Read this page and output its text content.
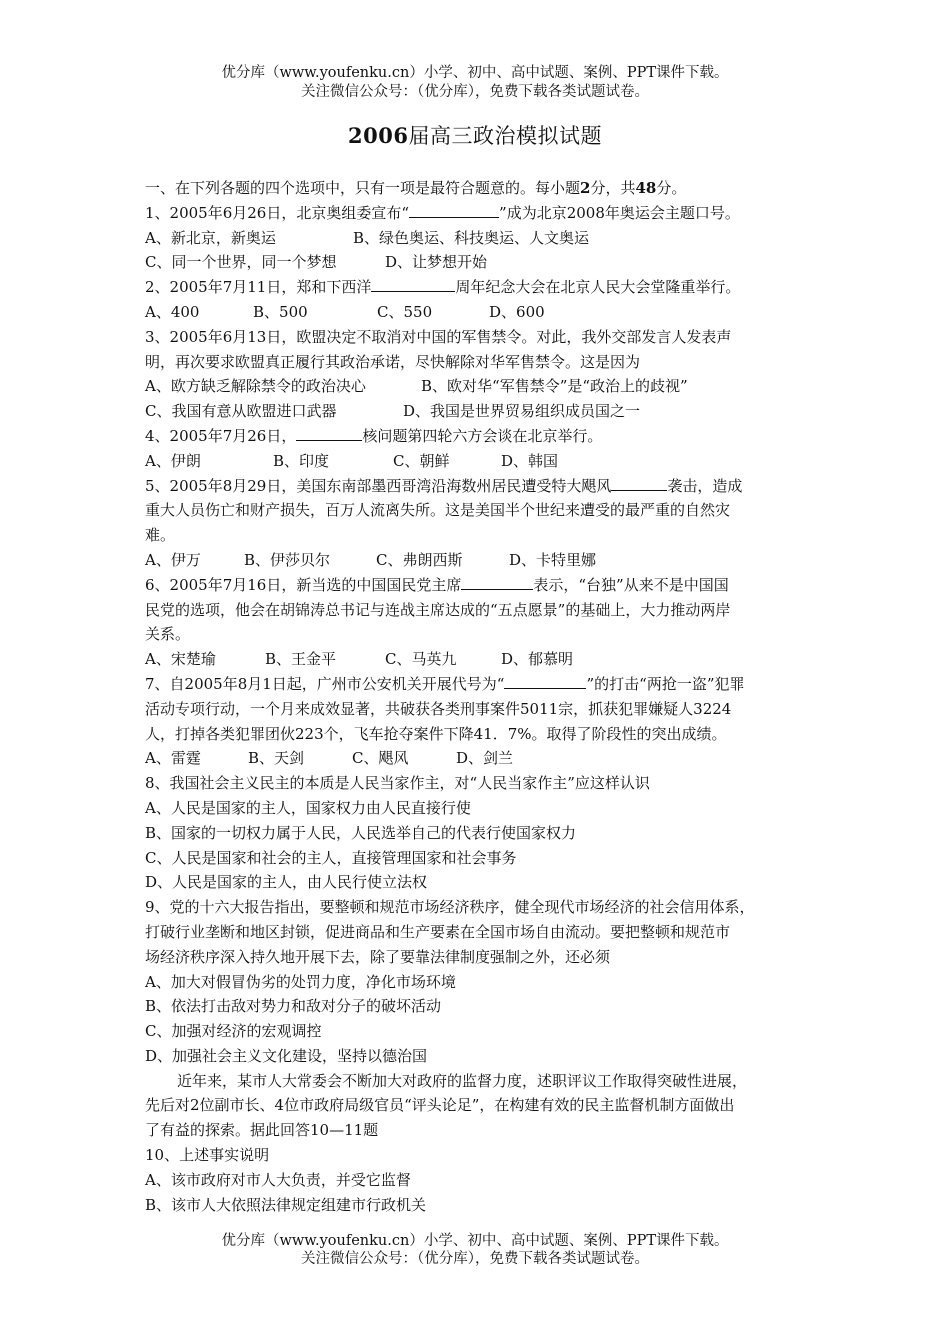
优分库（www.youfenku.cn）小学、初中、高中试题、案例、PPT课件下载。
关注微信公众号：（优分库），免费下载各类试题试卷。
2006届高三政治模拟试题
一、在下列各题的四个选项中，只有一项是最符合题意的。每小题2分，共48分。
1、2005年6月26日，北京奥组委宣布“	”成为北京2008年奥运会主题口号。
A、新北京，新奥运	B、绿色奥运、科技奥运、人文奥运
C、同一个世界，同一个梦想	D、让梦想开始
2、2005年7月11日，郑和下西洋	周年纪念大会在北京人民大会堂隆重举行。
A、400	B、500	C、550	D、600
3、2005年6月13日，欧盟决定不取消对中国的军售禁令。对此，我外交部发言人发表声
明，再次要求欧盟真正履行其政治承诺，尽快解除对华军售禁令。这是因为
A、欧方缺乏解除禁令的政治决心	B、欧对华“军售禁令”是“政治上的歧视”
C、我国有意从欧盟进口武器	D、我国是世界贸易组织成员国之一
4、2005年7月26日，	核问题第四轮六方会谈在北京举行。
A、伊朗	B、印度	C、朝鲜	D、韩国
5、2005年8月29日，美国东南部墨西哥湾沿海数州居民遭受特大飓风	袭击，造成
重大人员伤亡和财产损失，百万人流离失所。这是美国半个世纪来遭受的最严重的自然灾
难。
A、伊万	B、伊莎贝尔	C、弗朗西斯	D、卡特里娜
6、2005年7月16日，新当选的中国国民党主席	表示，“台独”从来不是中国国
民党的选项，他会在胡锦涛总书记与连战主席达成的“五点愿景”的基础上，大力推动两岸
关系。
A、宋楚瑜	B、王金平	C、马英九	D、郁慕明
7、自2005年8月1日起，广州市公安机关开展代号为“	”的打击“两抢一盗”犯罪
活动专项行动，一个月来成效显著，共破获各类刑事案件5011宗，抓获犯罪嫌疑人3224
人，打掉各类犯罪团伙223个，飞车抢夺案件下降41．7%。取得了阶段性的突出成绩。
A、雷霆	B、天剑	C、飓风	D、剑兰
8、我国社会主义民主的本质是人民当家作主，对“人民当家作主”应这样认识
A、人民是国家的主人，国家权力由人民直接行使
B、国家的一切权力属于人民，人民选举自己的代表行使国家权力
C、人民是国家和社会的主人，直接管理国家和社会事务
D、人民是国家的主人，由人民行使立法权
9、党的十六大报告指出，要整顿和规范市场经济秩序，健全现代市场经济的社会信用体系，
打破行业垄断和地区封锁，促进商品和生产要素在全国市场自由流动。要把整顿和规范市
场经济秩序深入持久地开展下去，除了要靠法律制度强制之外，还必须
A、加大对假冒伪劣的处罚力度，净化市场环境
B、依法打击敌对势力和敌对分子的破坏活动
C、加强对经济的宏观调控
D、加强社会主义文化建设，坚持以德治国
近年来，某市人大常委会不断加大对政府的监督力度，述职评议工作取得突破性进展，
先后对2位副市长、4位市政府局级官员“评头论足”，在构建有效的民主监督机制方面做出
了有益的探索。据此回答10—11题
10、上述事实说明
A、该市政府对市人大负责，并受它监督
B、该市人大依照法律规定组建市行政机关
优分库（www.youfenku.cn）小学、初中、高中试题、案例、PPT课件下载。
关注微信公众号：（优分库），免费下载各类试题试卷。
